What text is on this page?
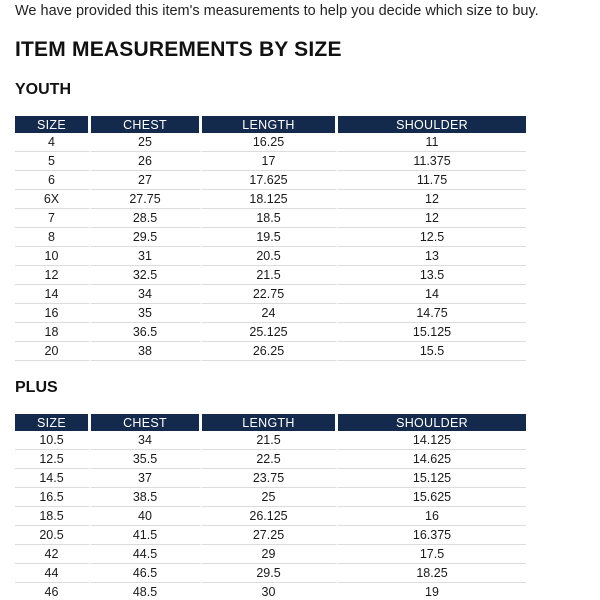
We have provided this item's measurements to help you decide which size to buy.

ITEM MEASUREMENTS BY SIZE
YOUTH
SIZE	CHEST	LENGTH	SHOULDER
4	25	16.25	11
5	26	17	11.375
6	27	17.625	11.75
6X	27.75	18.125	12
7	28.5	18.5	12
8	29.5	19.5	12.5
10	31	20.5	13
12	32.5	21.5	13.5
14	34	22.75	14
16	35	24	14.75
18	36.5	25.125	15.125
20	38	26.25	15.5
PLUS
SIZE	CHEST	LENGTH	SHOULDER
10.5	34	21.5	14.125
12.5	35.5	22.5	14.625
14.5	37	23.75	15.125
16.5	38.5	25	15.625
18.5	40	26.125	16
20.5	41.5	27.25	16.375
42	44.5	29	17.5
44	46.5	29.5	18.25
46	48.5	30	19
